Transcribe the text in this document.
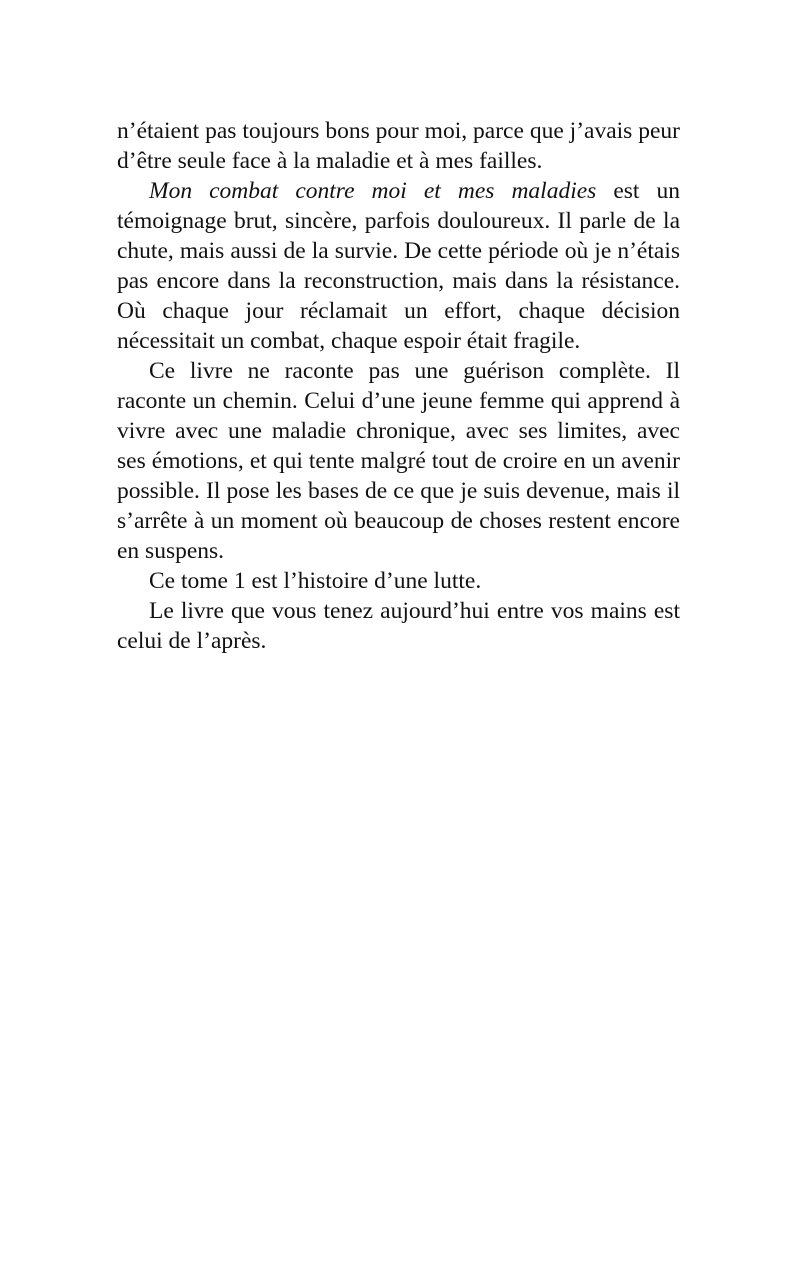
n’étaient pas toujours bons pour moi, parce que j’avais peur d’être seule face à la maladie et à mes failles.

Mon combat contre moi et mes maladies est un témoignage brut, sincère, parfois douloureux. Il parle de la chute, mais aussi de la survie. De cette période où je n’étais pas encore dans la reconstruction, mais dans la résistance. Où chaque jour réclamait un effort, chaque décision nécessitait un combat, chaque espoir était fragile.

Ce livre ne raconte pas une guérison complète. Il raconte un chemin. Celui d’une jeune femme qui apprend à vivre avec une maladie chronique, avec ses limites, avec ses émotions, et qui tente malgré tout de croire en un avenir possible. Il pose les bases de ce que je suis devenue, mais il s’arrête à un moment où beaucoup de choses restent encore en suspens.

Ce tome 1 est l’histoire d’une lutte.

Le livre que vous tenez aujourd’hui entre vos mains est celui de l’après.
